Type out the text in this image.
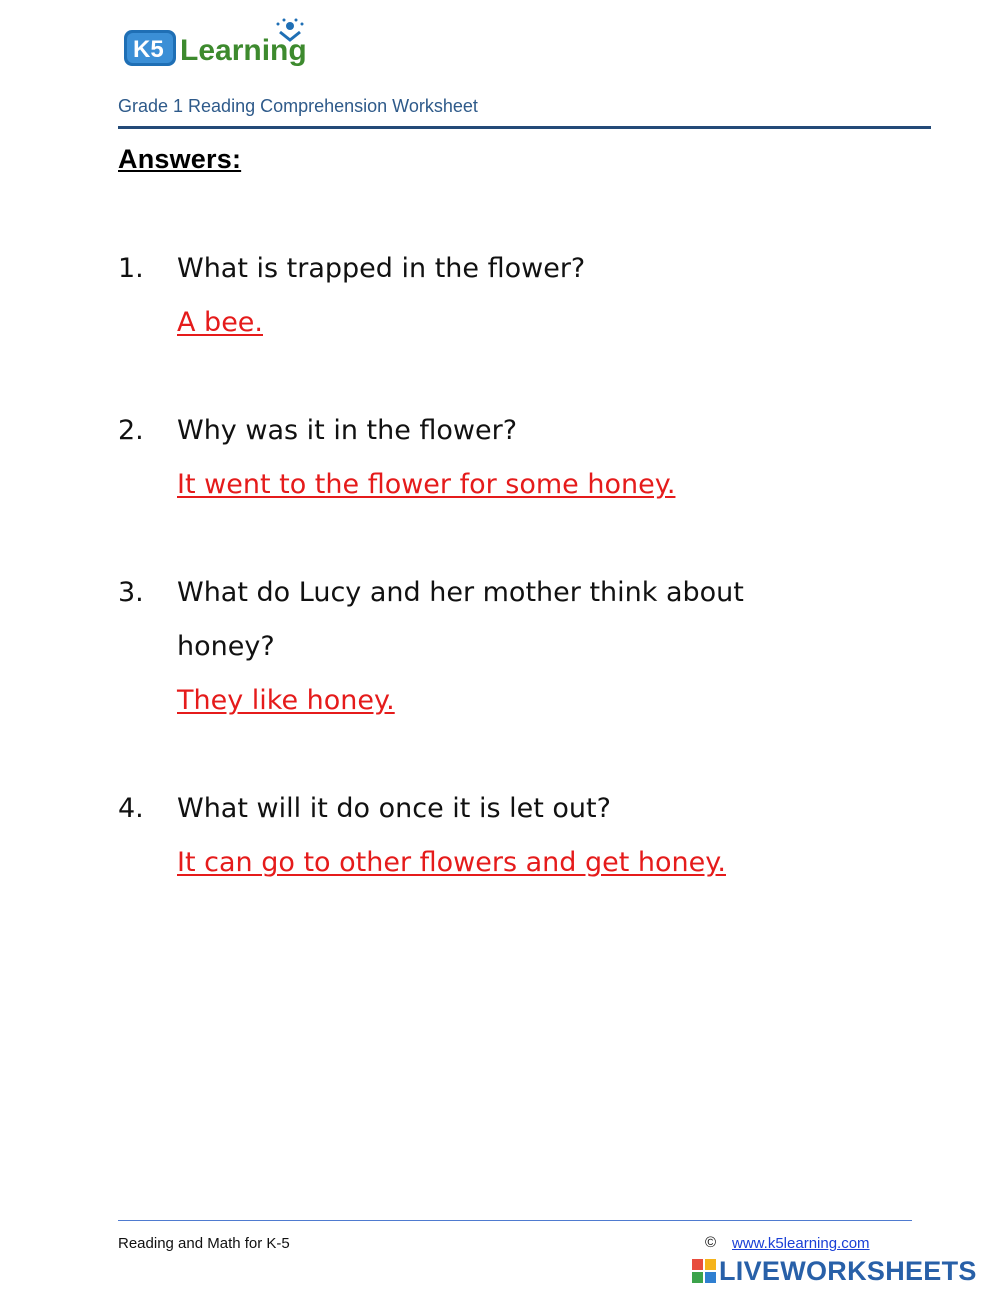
K5 Learning
Grade 1 Reading Comprehension Worksheet
Answers:
1. What is trapped in the flower?
A bee.
2. Why was it in the flower?
It went to the flower for some honey.
3. What do Lucy and her mother think about
honey?
They like honey.
4. What will it do once it is let out?
It can go to other flowers and get honey.
Reading and Math for K-5	© www.k5learning.com
LIVEWORKSHEETS
